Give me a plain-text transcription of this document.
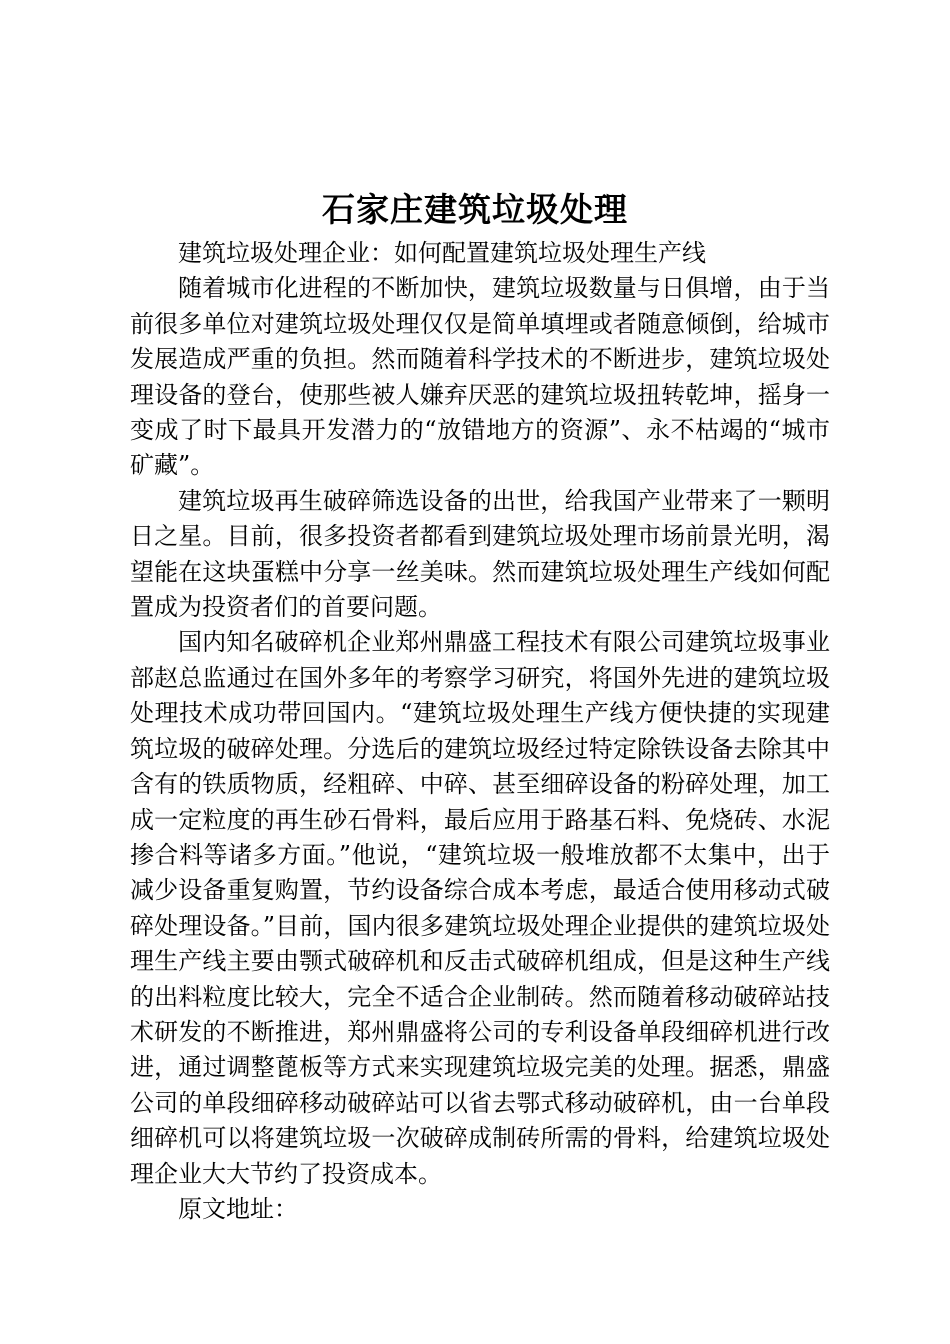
石家庄建筑垃圾处理

建筑垃圾处理企业：如何配置建筑垃圾处理生产线

随着城市化进程的不断加快，建筑垃圾数量与日俱增，由于当前很多单位对建筑垃圾处理仅仅是简单填埋或者随意倾倒，给城市发展造成严重的负担。然而随着科学技术的不断进步，建筑垃圾处理设备的登台，使那些被人嫌弃厌恶的建筑垃圾扭转乾坤，摇身一变成了时下最具开发潜力的“放错地方的资源”、永不枯竭的“城市矿藏”。

建筑垃圾再生破碎筛选设备的出世，给我国产业带来了一颗明日之星。目前，很多投资者都看到建筑垃圾处理市场前景光明，渴望能在这块蛋糕中分享一丝美味。然而建筑垃圾处理生产线如何配置成为投资者们的首要问题。

国内知名破碎机企业郑州鼎盛工程技术有限公司建筑垃圾事业部赵总监通过在国外多年的考察学习研究，将国外先进的建筑垃圾处理技术成功带回国内。“建筑垃圾处理生产线方便快捷的实现建筑垃圾的破碎处理。分选后的建筑垃圾经过特定除铁设备去除其中含有的铁质物质，经粗碎、中碎、甚至细碎设备的粉碎处理，加工成一定粒度的再生砂石骨料，最后应用于路基石料、免烧砖、水泥掺合料等诸多方面。”他说，“建筑垃圾一般堆放都不太集中，出于减少设备重复购置，节约设备综合成本考虑，最适合使用移动式破碎处理设备。”目前，国内很多建筑垃圾处理企业提供的建筑垃圾处理生产线主要由颚式破碎机和反击式破碎机组成，但是这种生产线的出料粒度比较大，完全不适合企业制砖。然而随着移动破碎站技术研发的不断推进，郑州鼎盛将公司的专利设备单段细碎机进行改进，通过调整蓖板等方式来实现建筑垃圾完美的处理。据悉，鼎盛公司的单段细碎移动破碎站可以省去鄂式移动破碎机，由一台单段细碎机可以将建筑垃圾一次破碎成制砖所需的骨料，给建筑垃圾处理企业大大节约了投资成本。

原文地址：
